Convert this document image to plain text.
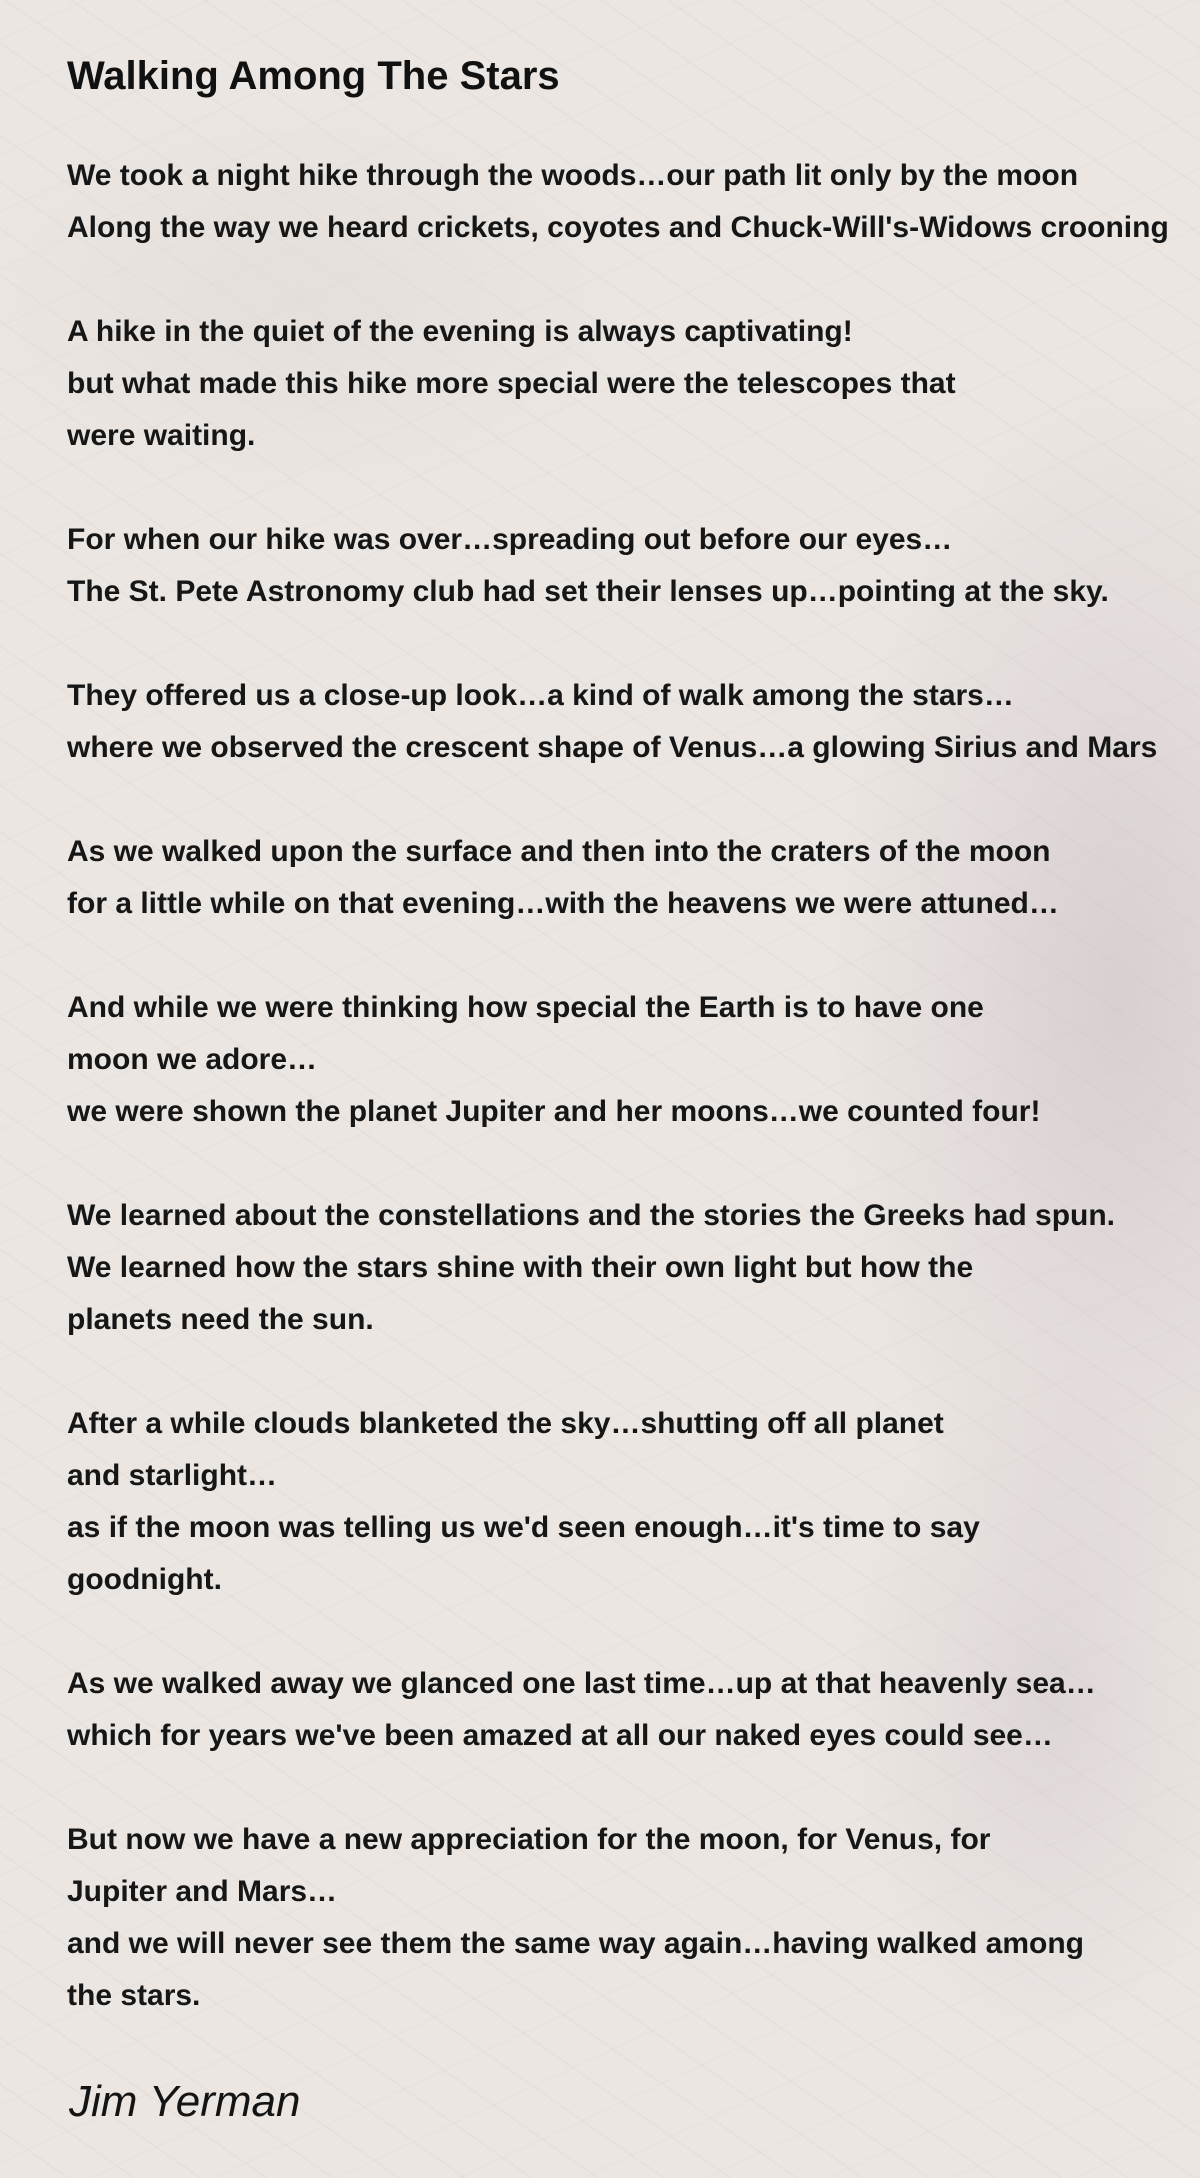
Walking Among The Stars
We took a night hike through the woods…our path lit only by the moon
Along the way we heard crickets, coyotes and Chuck-Will's-Widows crooning
A hike in the quiet of the evening is always captivating!
but what made this hike more special were the telescopes that
were waiting.
For when our hike was over…spreading out before our eyes…
The St. Pete Astronomy club had set their lenses up…pointing at the sky.
They offered us a close-up look…a kind of walk among the stars…
where we observed the crescent shape of Venus…a glowing Sirius and Mars
As we walked upon the surface and then into the craters of the moon
for a little while on that evening…with the heavens we were attuned…
And while we were thinking how special the Earth is to have one
moon we adore…
we were shown the planet Jupiter and her moons…we counted four!
We learned about the constellations and the stories the Greeks had spun.
We learned how the stars shine with their own light but how the
planets need the sun.
After a while clouds blanketed the sky…shutting off all planet
and starlight…
as if the moon was telling us we'd seen enough…it's time to say
goodnight.
As we walked away we glanced one last time…up at that heavenly sea…
which for years we've been amazed at all our naked eyes could see…
But now we have a new appreciation for the moon, for Venus, for
Jupiter and Mars…
and we will never see them the same way again…having walked among
the stars.

Jim Yerman
